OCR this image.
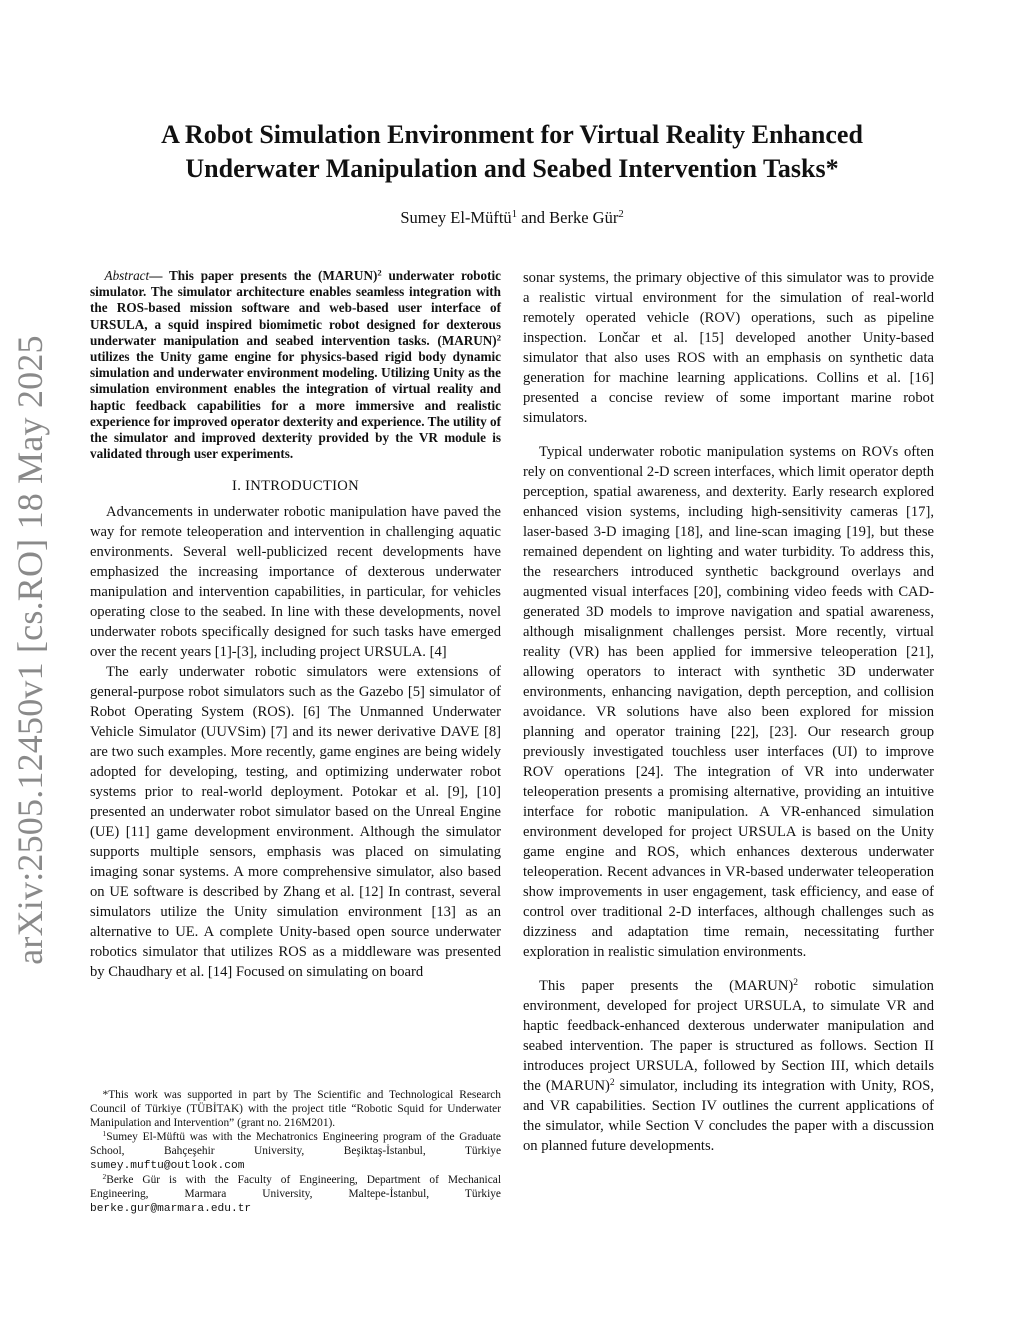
arXiv:2505.12450v1 [cs.RO] 18 May 2025
A Robot Simulation Environment for Virtual Reality Enhanced
Underwater Manipulation and Seabed Intervention Tasks*
Sumey El-Müftü$^1$ and Berke Gür$^2$

Abstract— This paper presents the (MARUN)$^2$ underwater robotic simulator. The simulator architecture enables seamless integration with the ROS-based mission software and web-based user interface of URSULA, a squid inspired biomimetic robot designed for dexterous underwater manipulation and seabed intervention tasks. (MARUN)$^2$ utilizes the Unity game engine for physics-based rigid body dynamic simulation and underwater environment modeling. Utilizing Unity as the simulation environment enables the integration of virtual reality and haptic feedback capabilities for a more immersive and realistic experience for improved operator dexterity and experience. The utility of the simulator and improved dexterity provided by the VR module is validated through user experiments.

I. INTRODUCTION

Advancements in underwater robotic manipulation have paved the way for remote teleoperation and intervention in challenging aquatic environments. Several well-publicized recent developments have emphasized the increasing importance of dexterous underwater manipulation and intervention capabilities, in particular, for vehicles operating close to the seabed. In line with these developments, novel underwater robots specifically designed for such tasks have emerged over the recent years [1]-[3], including project URSULA. [4]

The early underwater robotic simulators were extensions of general-purpose robot simulators such as the Gazebo [5] simulator of Robot Operating System (ROS). [6] The Unmanned Underwater Vehicle Simulator (UUVSim) [7] and its newer derivative DAVE [8] are two such examples. More recently, game engines are being widely adopted for developing, testing, and optimizing underwater robot systems prior to real-world deployment. Potokar et al. [9], [10] presented an underwater robot simulator based on the Unreal Engine (UE) [11] game development environment. Although the simulator supports multiple sensors, emphasis was placed on simulating imaging sonar systems. A more comprehensive simulator, also based on UE software is described by Zhang et al. [12] In contrast, several simulators utilize the Unity simulation environment [13] as an alternative to UE. A complete Unity-based open source underwater robotics simulator that utilizes ROS as a middleware was presented by Chaudhary et al. [14] Focused on simulating on board

sonar systems, the primary objective of this simulator was to provide a realistic virtual environment for the simulation of real-world remotely operated vehicle (ROV) operations, such as pipeline inspection. Lončar et al. [15] developed another Unity-based simulator that also uses ROS with an emphasis on synthetic data generation for machine learning applications. Collins et al. [16] presented a concise review of some important marine robot simulators.

Typical underwater robotic manipulation systems on ROVs often rely on conventional 2-D screen interfaces, which limit operator depth perception, spatial awareness, and dexterity. Early research explored enhanced vision systems, including high-sensitivity cameras [17], laser-based 3-D imaging [18], and line-scan imaging [19], but these remained dependent on lighting and water turbidity. To address this, the researchers introduced synthetic background overlays and augmented visual interfaces [20], combining video feeds with CAD-generated 3D models to improve navigation and spatial awareness, although misalignment challenges persist. More recently, virtual reality (VR) has been applied for immersive teleoperation [21], allowing operators to interact with synthetic 3D underwater environments, enhancing navigation, depth perception, and collision avoidance. VR solutions have also been explored for mission planning and operator training [22], [23]. Our research group previously investigated touchless user interfaces (UI) to improve ROV operations [24]. The integration of VR into underwater teleoperation presents a promising alternative, providing an intuitive interface for robotic manipulation. A VR-enhanced simulation environment developed for project URSULA is based on the Unity game engine and ROS, which enhances dexterous underwater teleoperation. Recent advances in VR-based underwater teleoperation show improvements in user engagement, task efficiency, and ease of control over traditional 2-D interfaces, although challenges such as dizziness and adaptation time remain, necessitating further exploration in realistic simulation environments.

This paper presents the (MARUN)$^2$ robotic simulation environment, developed for project URSULA, to simulate VR and haptic feedback-enhanced dexterous underwater manipulation and seabed intervention. The paper is structured as follows. Section II introduces project URSULA, followed by Section III, which details the (MARUN)$^2$ simulator, including its integration with Unity, ROS, and VR capabilities. Section IV outlines the current applications of the simulator, while Section V concludes the paper with a discussion on planned future developments.

*This work was supported in part by The Scientific and Technological Research Council of Türkiye (TÜBİTAK) with the project title “Robotic Squid for Underwater Manipulation and Intervention” (grant no. 216M201).

$^1$Sumey El-Müftü was with the Mechatronics Engineering program of the Graduate School, Bahçeşehir University, Beşiktaş-İstanbul, Türkiye sumey.muftu@outlook.com

$^2$Berke Gür is with the Faculty of Engineering, Department of Mechanical Engineering, Marmara University, Maltepe-İstanbul, Türkiye berke.gur@marmara.edu.tr
